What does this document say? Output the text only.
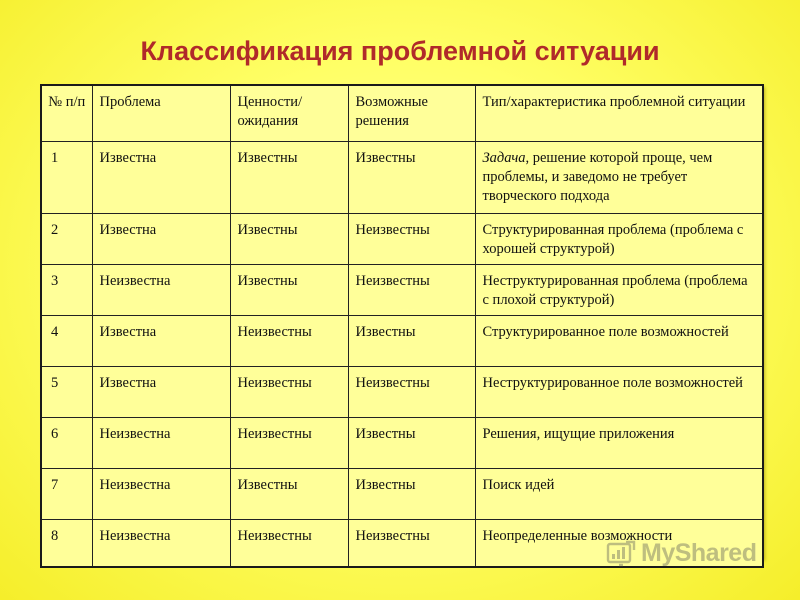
Классификация проблемной ситуации
№ п/п	Проблема	Ценности/ ожидания	Возможные решения	Тип/характеристика проблемной ситуации
1	Известна	Известны	Известны	Задача, решение которой проще, чем проблемы, и заведомо не требует творческого подхода
2	Известна	Известны	Неизвестны	Структурированная проблема (проблема с хорошей структурой)
3	Неизвестна	Известны	Неизвестны	Неструктурированная проблема (проблема с плохой структурой)
4	Известна	Неизвестны	Известны	Структурированное поле возможностей
5	Известна	Неизвестны	Неизвестны	Неструктурированное поле возможностей
6	Неизвестна	Неизвестны	Известны	Решения, ищущие приложения
7	Неизвестна	Известны	Известны	Поиск идей
8	Неизвестна	Неизвестны	Неизвестны	Неопределенные возможности
MyShared
